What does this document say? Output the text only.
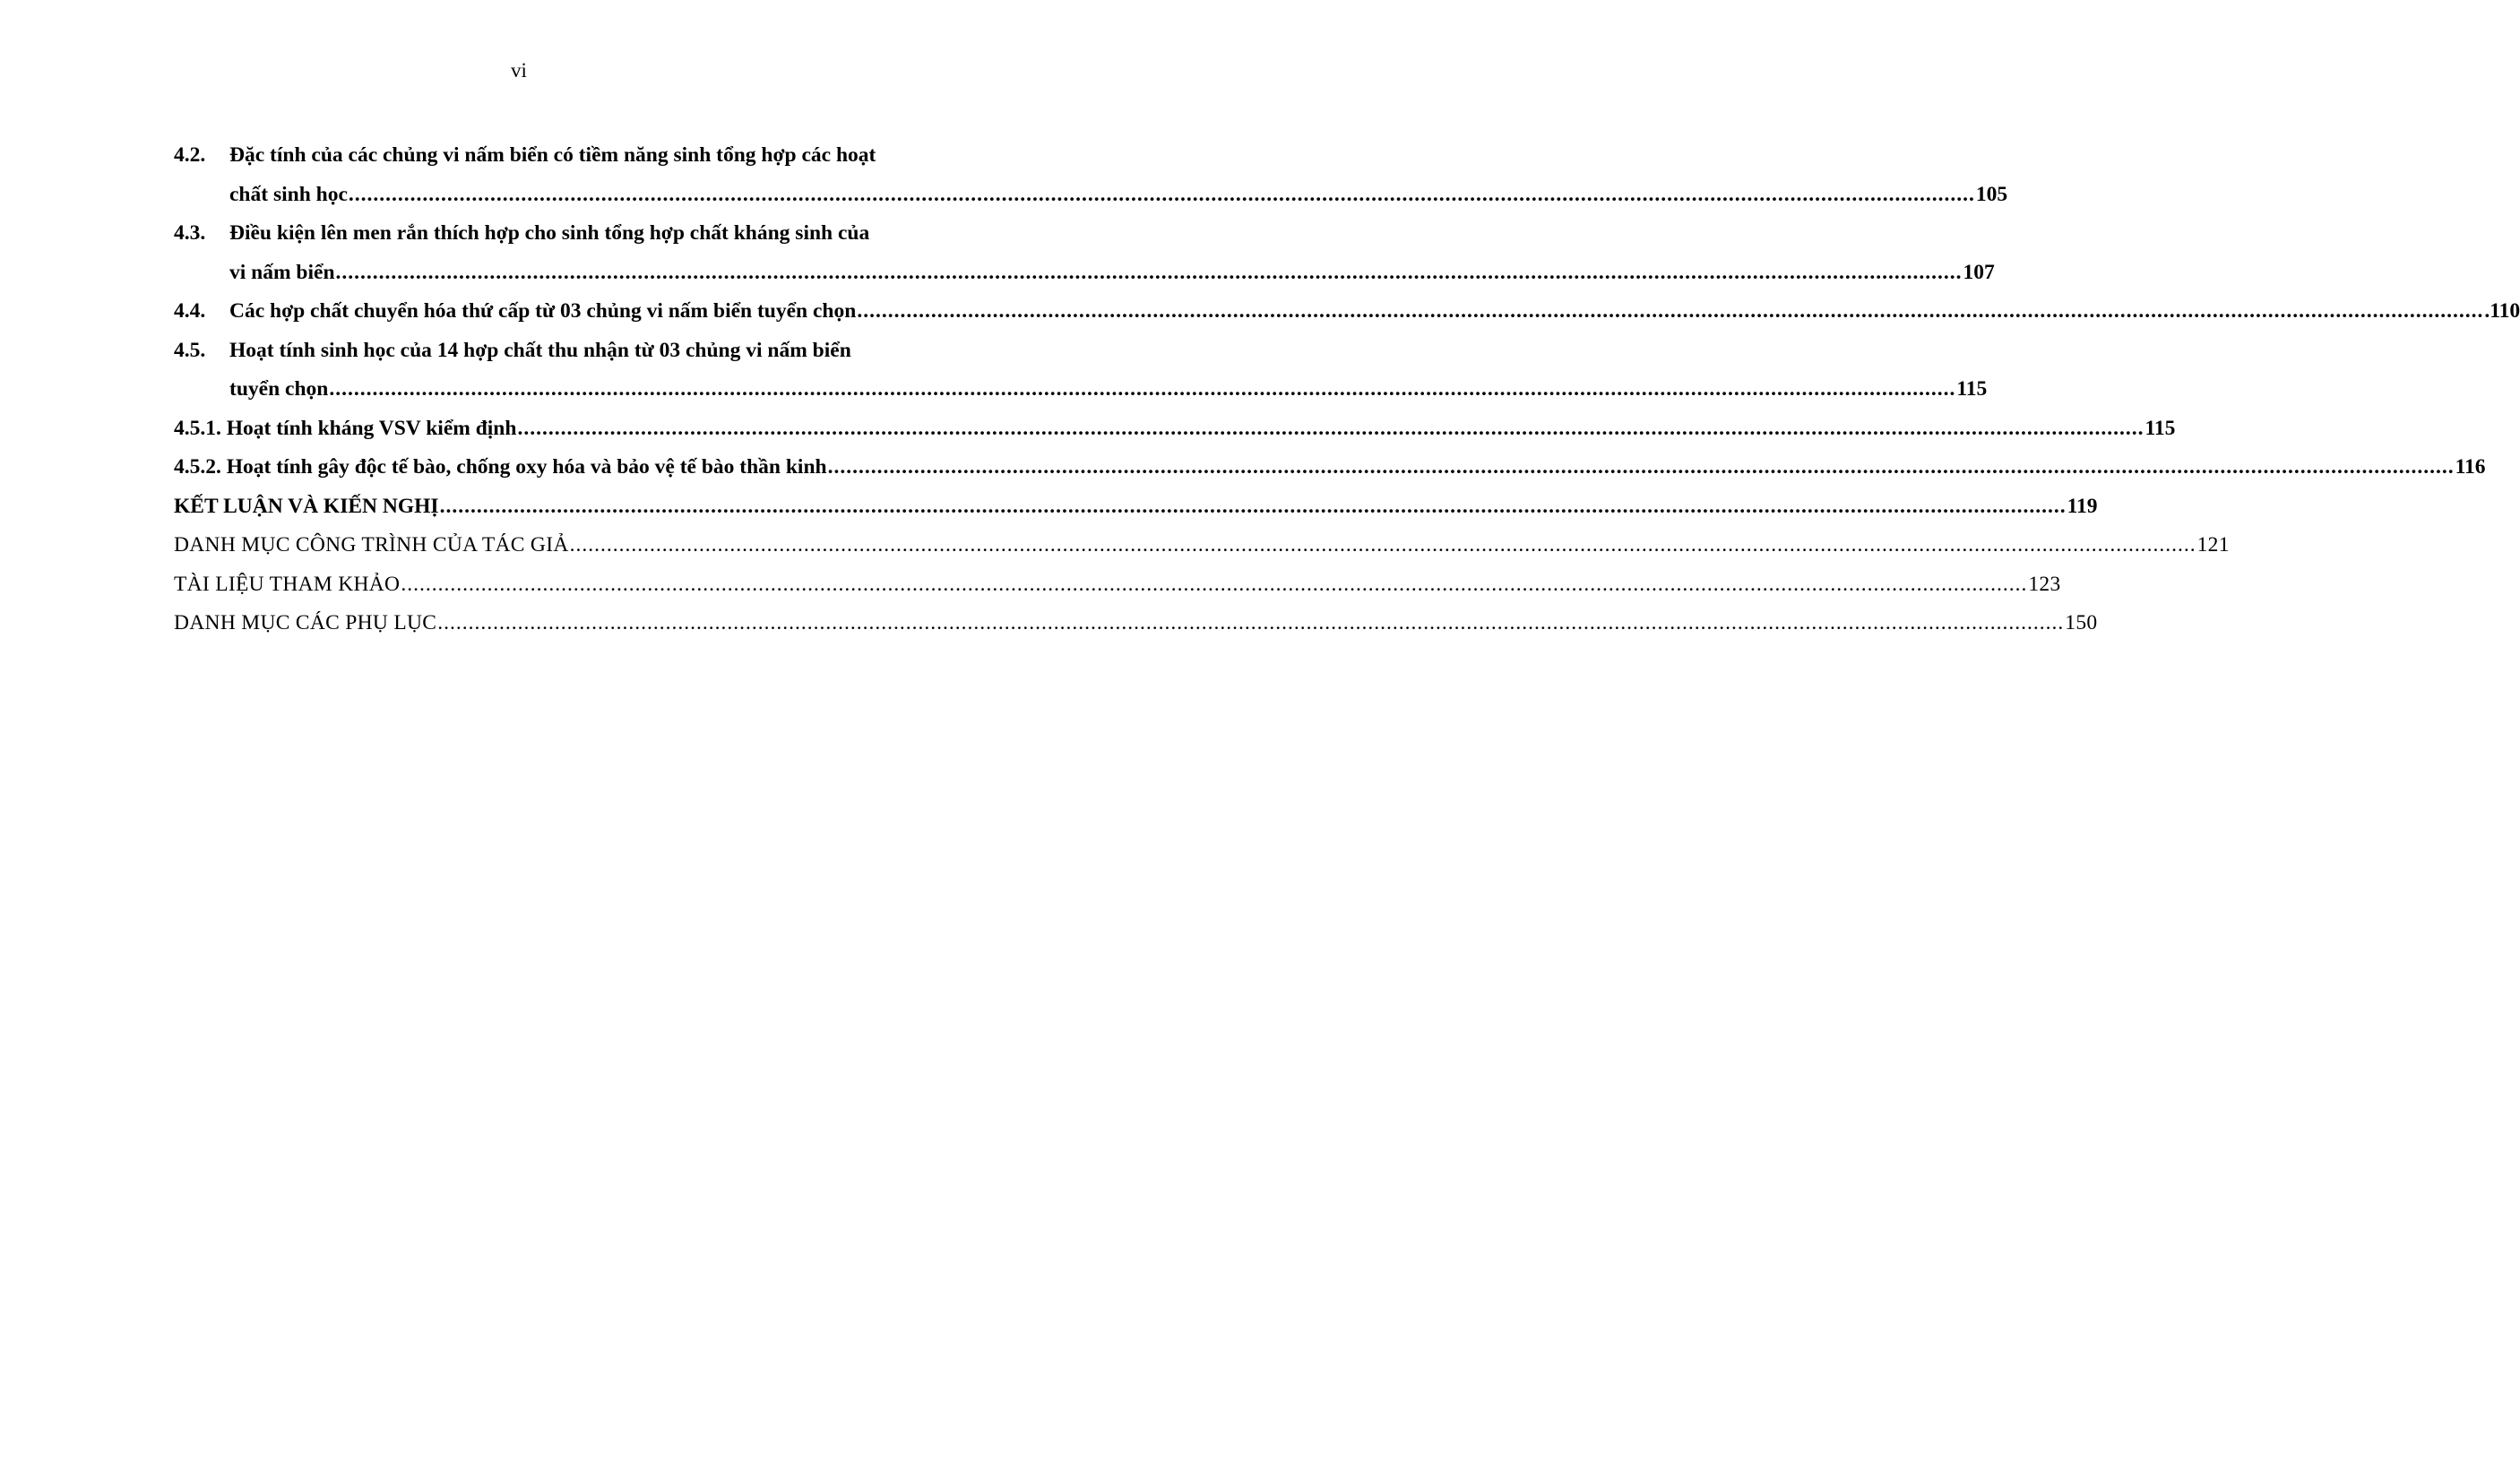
vi
4.2.	Đặc tính của các chủng vi nấm biển có tiềm năng sinh tổng hợp các hoạt
chất sinh học .....	105
4.3.	Điều kiện lên men rắn thích hợp cho sinh tổng hợp chất kháng sinh của
vi nấm biển .....	107
4.4.	Các hợp chất chuyển hóa thứ cấp từ 03 chủng vi nấm biển tuyển chọn .....	.110
4.5.	Hoạt tính sinh học của 14 hợp chất thu nhận từ 03 chủng vi nấm biển
tuyển chọn .....	115
4.5.1. Hoạt tính kháng VSV kiểm định .....	115
4.5.2. Hoạt tính gây độc tế bào, chống oxy hóa và bảo vệ tế bào thần kinh .....	116
KẾT LUẬN VÀ KIẾN NGHỊ .....	119
DANH MỤC CÔNG TRÌNH CỦA TÁC GIẢ .....	121
TÀI LIỆU THAM KHẢO .....	123
DANH MỤC CÁC PHỤ LỤC .....	150
